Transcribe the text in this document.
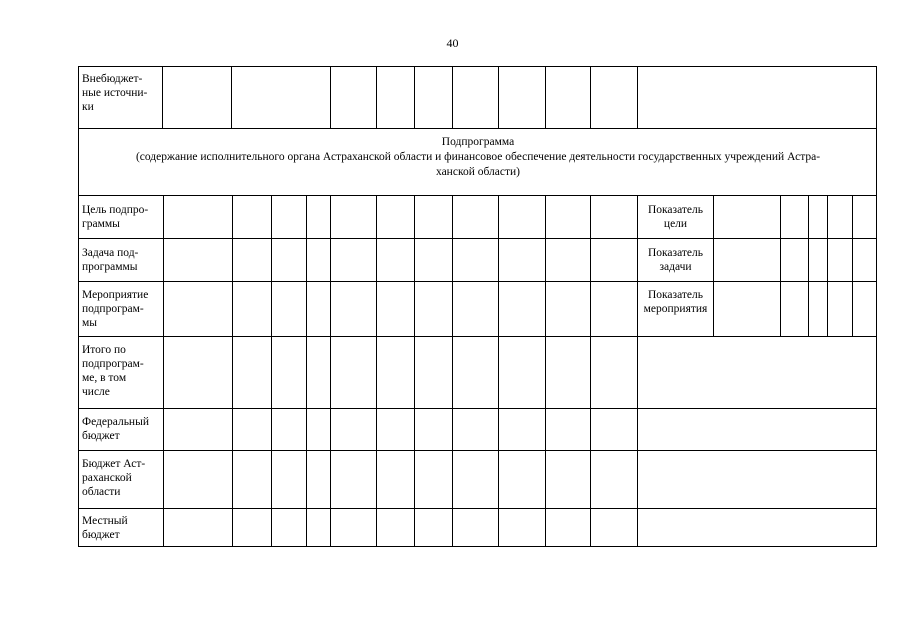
40
Внебюджет-
ные источни-
ки
Подпрограмма
(содержание исполнительного органа Астраханской области и финансовое обеспечение деятельности государственных учреждений Астра-
ханской области)
Цель подпро-
граммы
Задача под-
программы
Мероприятие
подпрограм-
мы
Итого по
подпрограм-
ме, в том
числе
Федеральный
бюджет
Бюджет Аст-
раханской
области
Местный
бюджет
Показатель
цели
Показатель
задачи
Показатель
мероприятия
